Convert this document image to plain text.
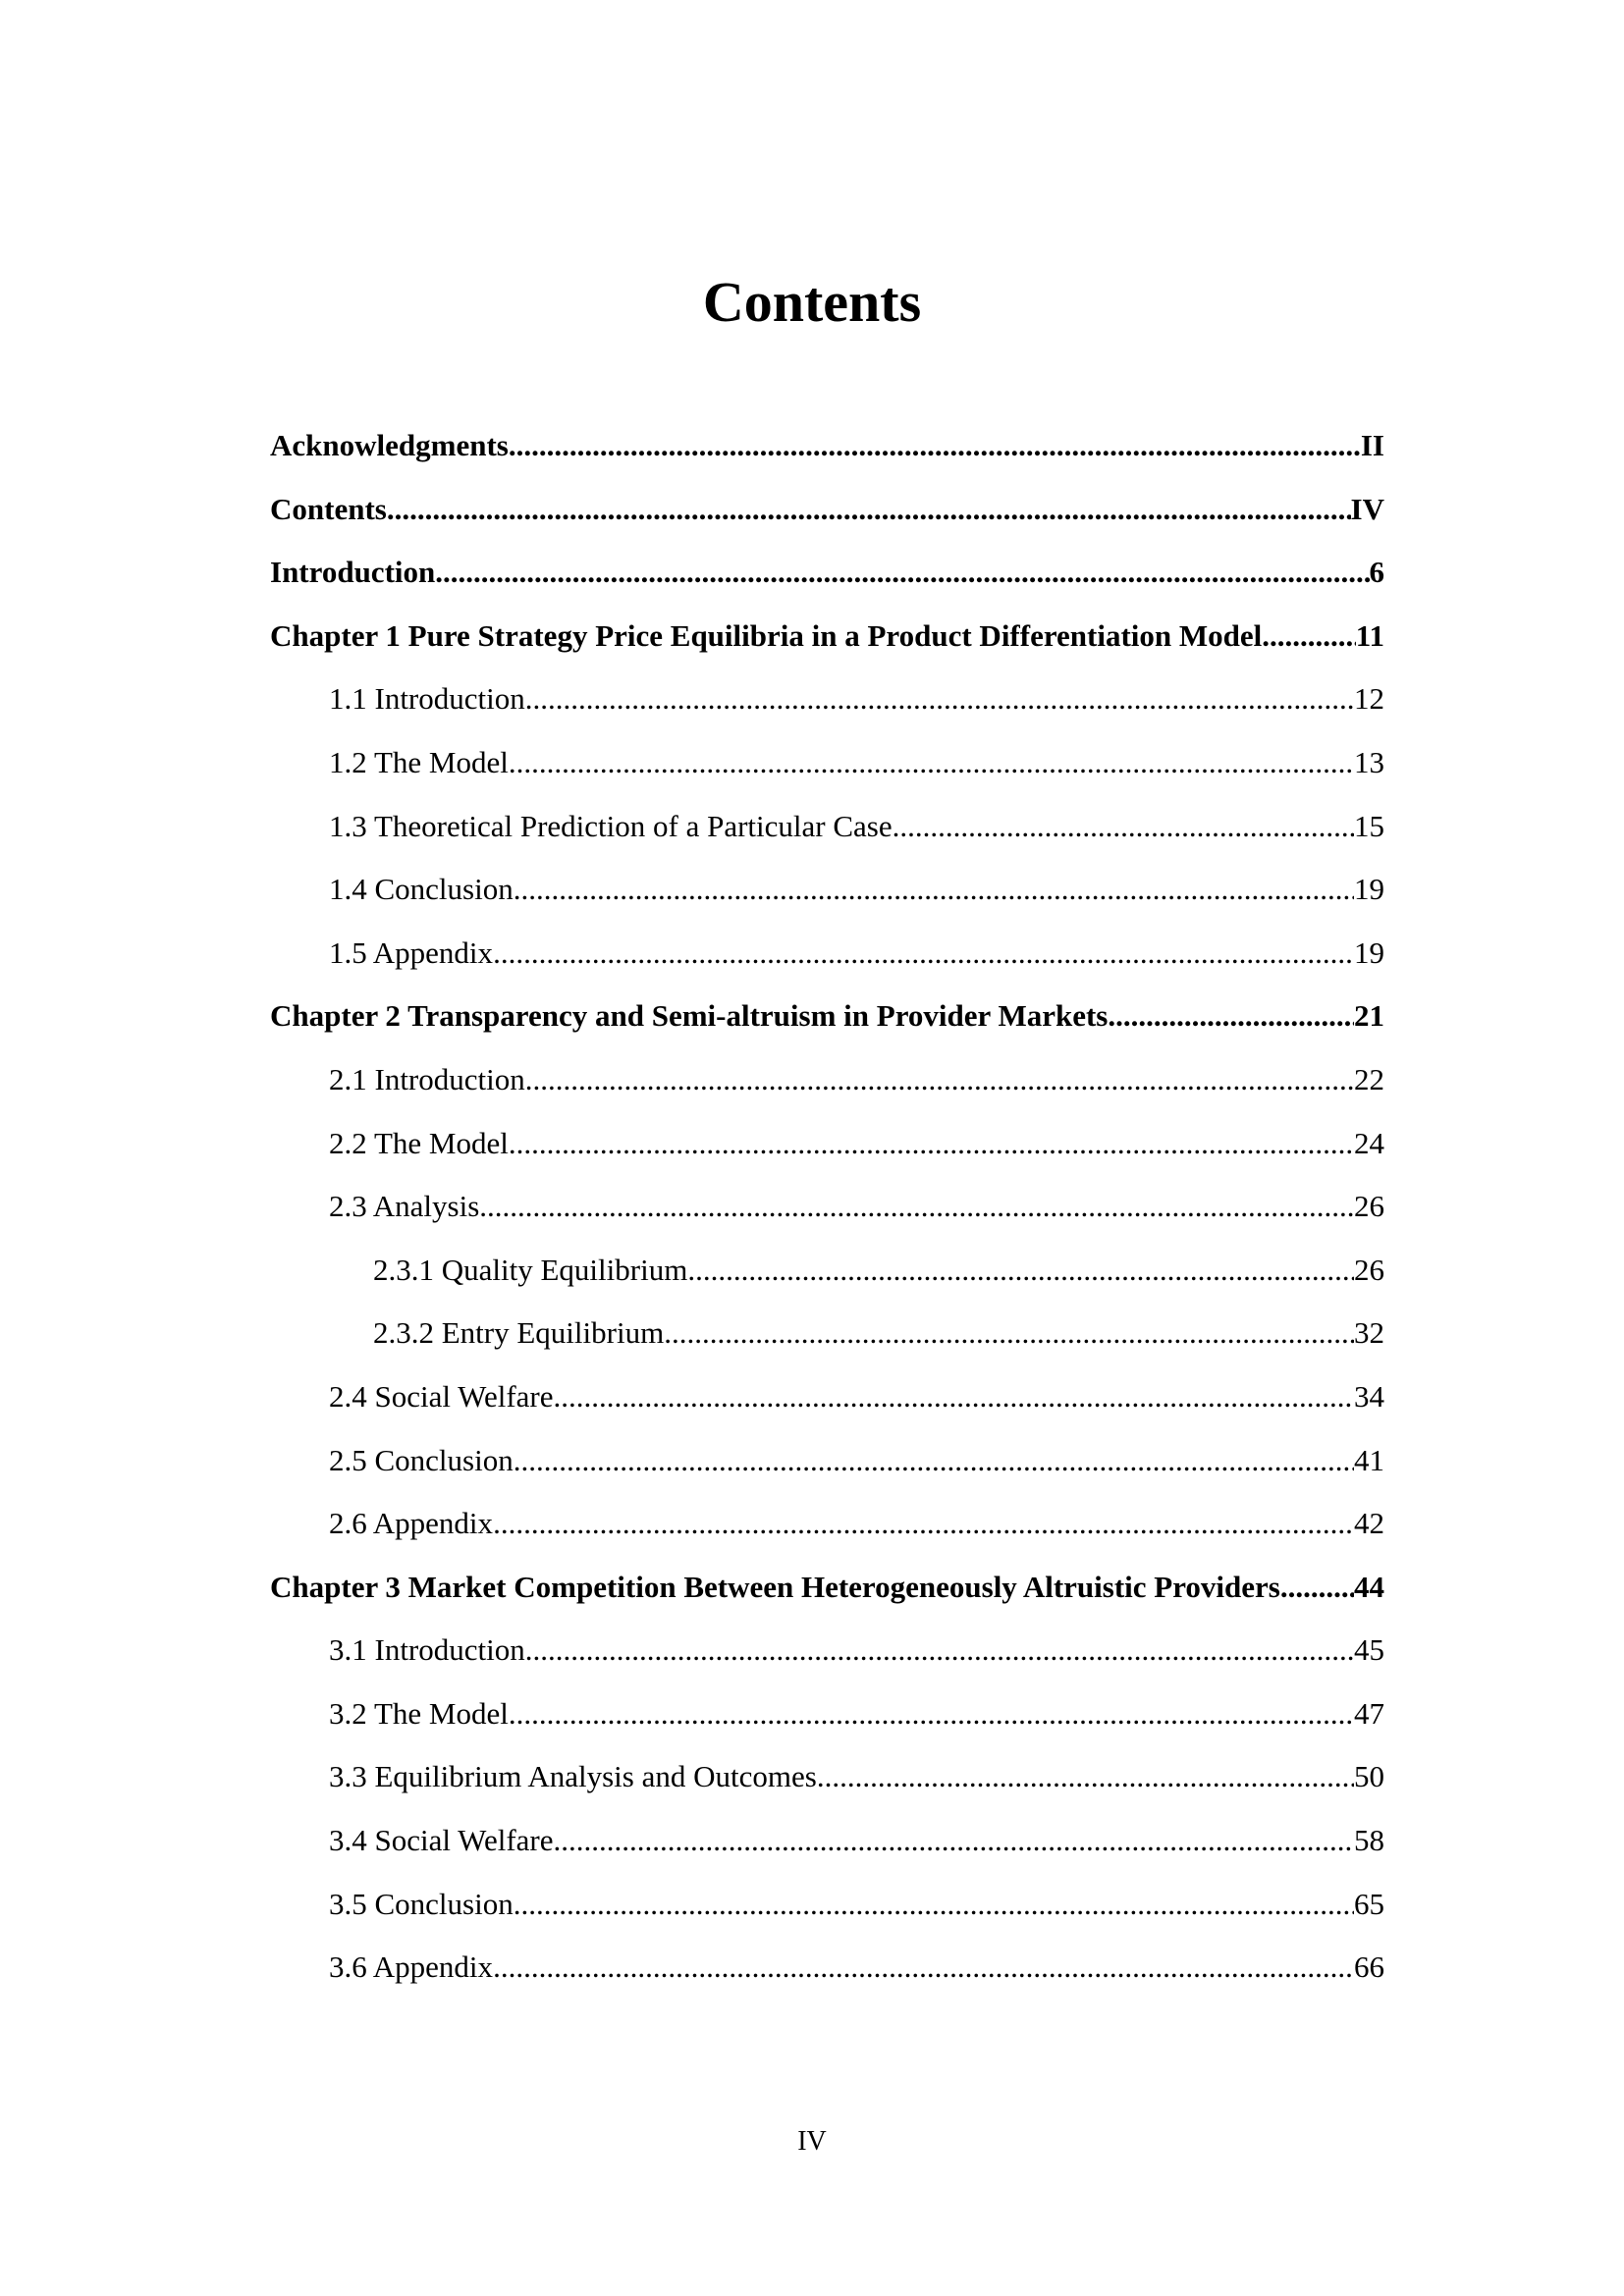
Contents
Acknowledgments .....	II
Contents .....	IV
Introduction .....	6
Chapter 1 Pure Strategy Price Equilibria in a Product Differentiation Model .....	11
1.1 Introduction .....	12
1.2 The Model .....	13
1.3 Theoretical Prediction of a Particular Case .....	15
1.4 Conclusion .....	19
1.5 Appendix .....	19
Chapter 2 Transparency and Semi-altruism in Provider Markets .....	21
2.1 Introduction .....	22
2.2 The Model .....	24
2.3 Analysis .....	26
2.3.1 Quality Equilibrium .....	26
2.3.2 Entry Equilibrium .....	32
2.4 Social Welfare .....	34
2.5 Conclusion .....	41
2.6 Appendix .....	42
Chapter 3 Market Competition Between Heterogeneously Altruistic Providers ..... 44
3.1 Introduction .....	45
3.2 The Model .....	47
3.3 Equilibrium Analysis and Outcomes .....	50
3.4 Social Welfare .....	58
3.5 Conclusion .....	65
3.6 Appendix .....	66
IV
